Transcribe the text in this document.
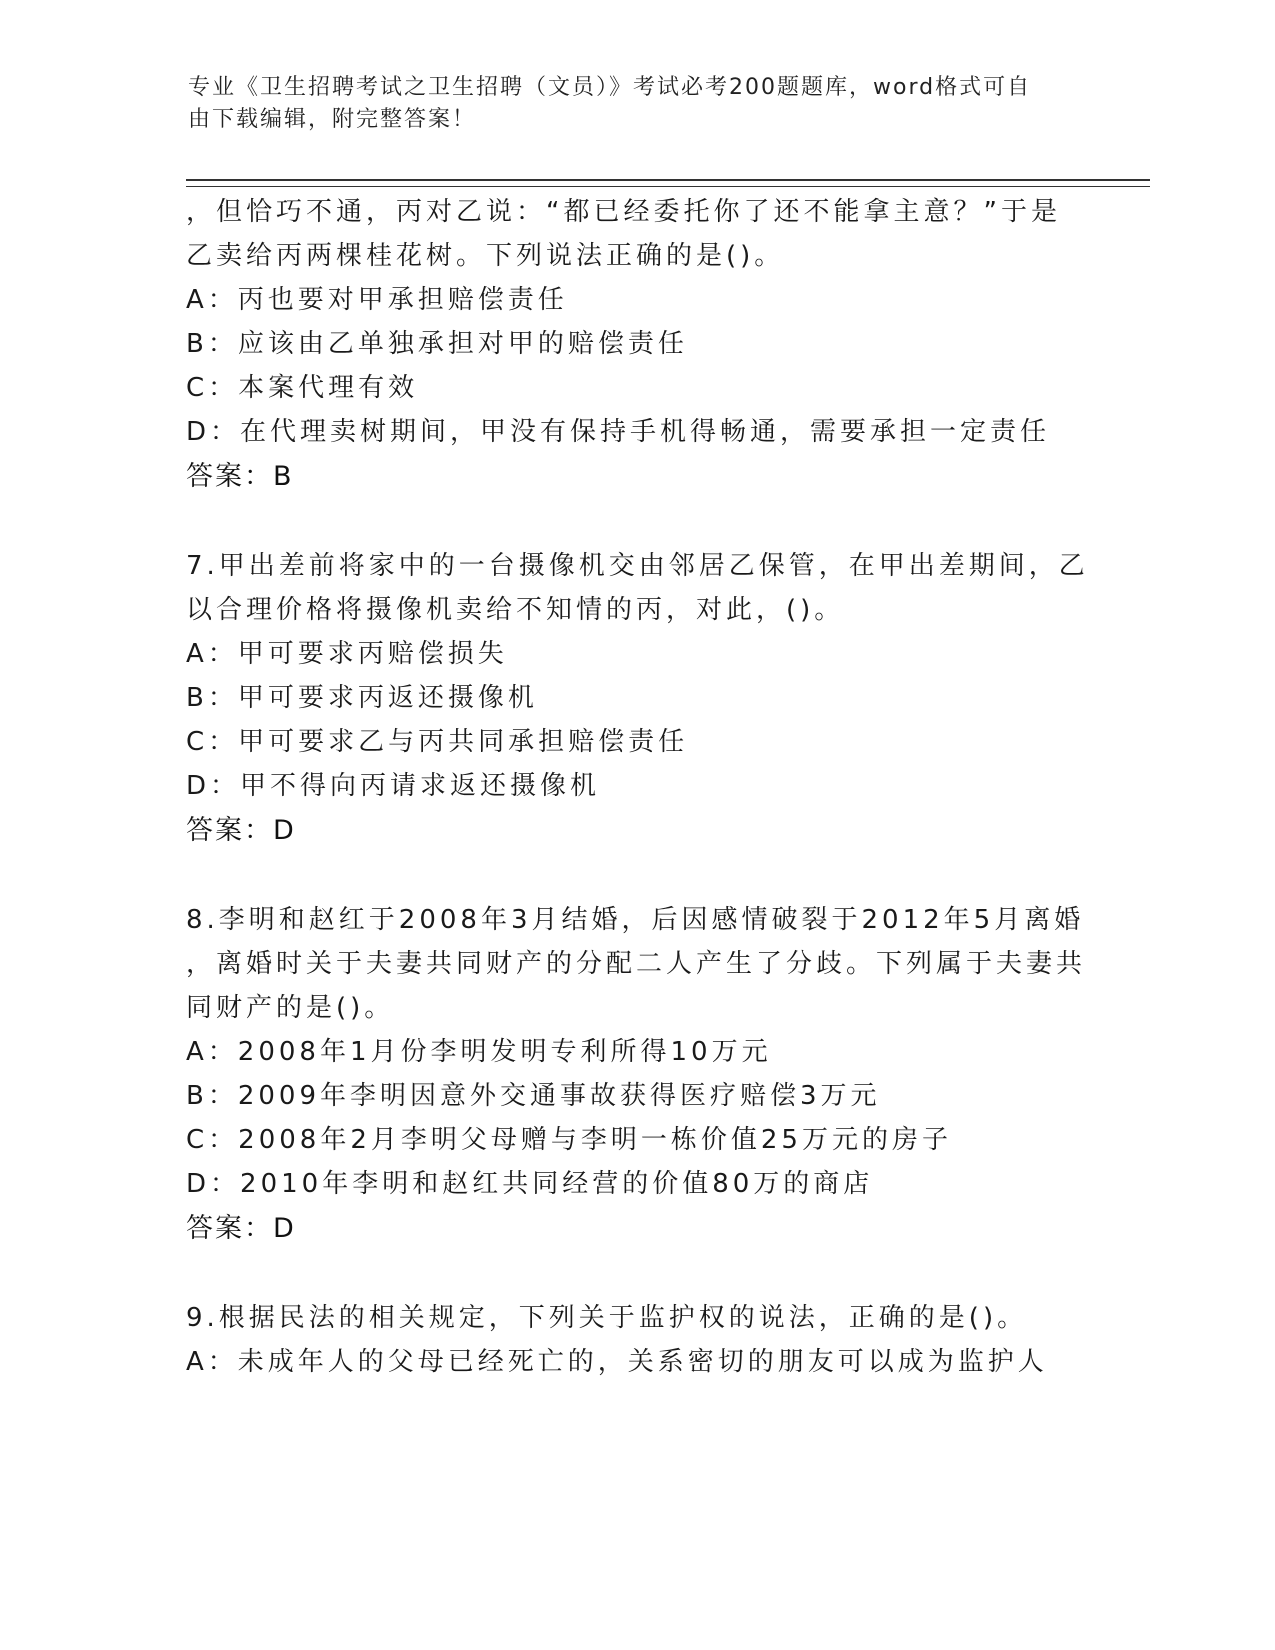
专业《卫生招聘考试之卫生招聘（文员）》考试必考200题题库，word格式可自
由下载编辑，附完整答案！
，但恰巧不通，丙对乙说：“都已经委托你了还不能拿主意？”于是
乙卖给丙两棵桂花树。下列说法正确的是()。
A：丙也要对甲承担赔偿责任
B：应该由乙单独承担对甲的赔偿责任
C：本案代理有效
D：在代理卖树期间，甲没有保持手机得畅通，需要承担一定责任
答案：B
7.甲出差前将家中的一台摄像机交由邻居乙保管，在甲出差期间，乙
以合理价格将摄像机卖给不知情的丙，对此，()。
A：甲可要求丙赔偿损失
B：甲可要求丙返还摄像机
C：甲可要求乙与丙共同承担赔偿责任
D：甲不得向丙请求返还摄像机
答案：D
8.李明和赵红于2008年3月结婚，后因感情破裂于2012年5月离婚
，离婚时关于夫妻共同财产的分配二人产生了分歧。下列属于夫妻共
同财产的是()。
A：2008年1月份李明发明专利所得10万元
B：2009年李明因意外交通事故获得医疗赔偿3万元
C：2008年2月李明父母赠与李明一栋价值25万元的房子
D：2010年李明和赵红共同经营的价值80万的商店
答案：D
9.根据民法的相关规定，下列关于监护权的说法，正确的是()。
A：未成年人的父母已经死亡的，关系密切的朋友可以成为监护人
